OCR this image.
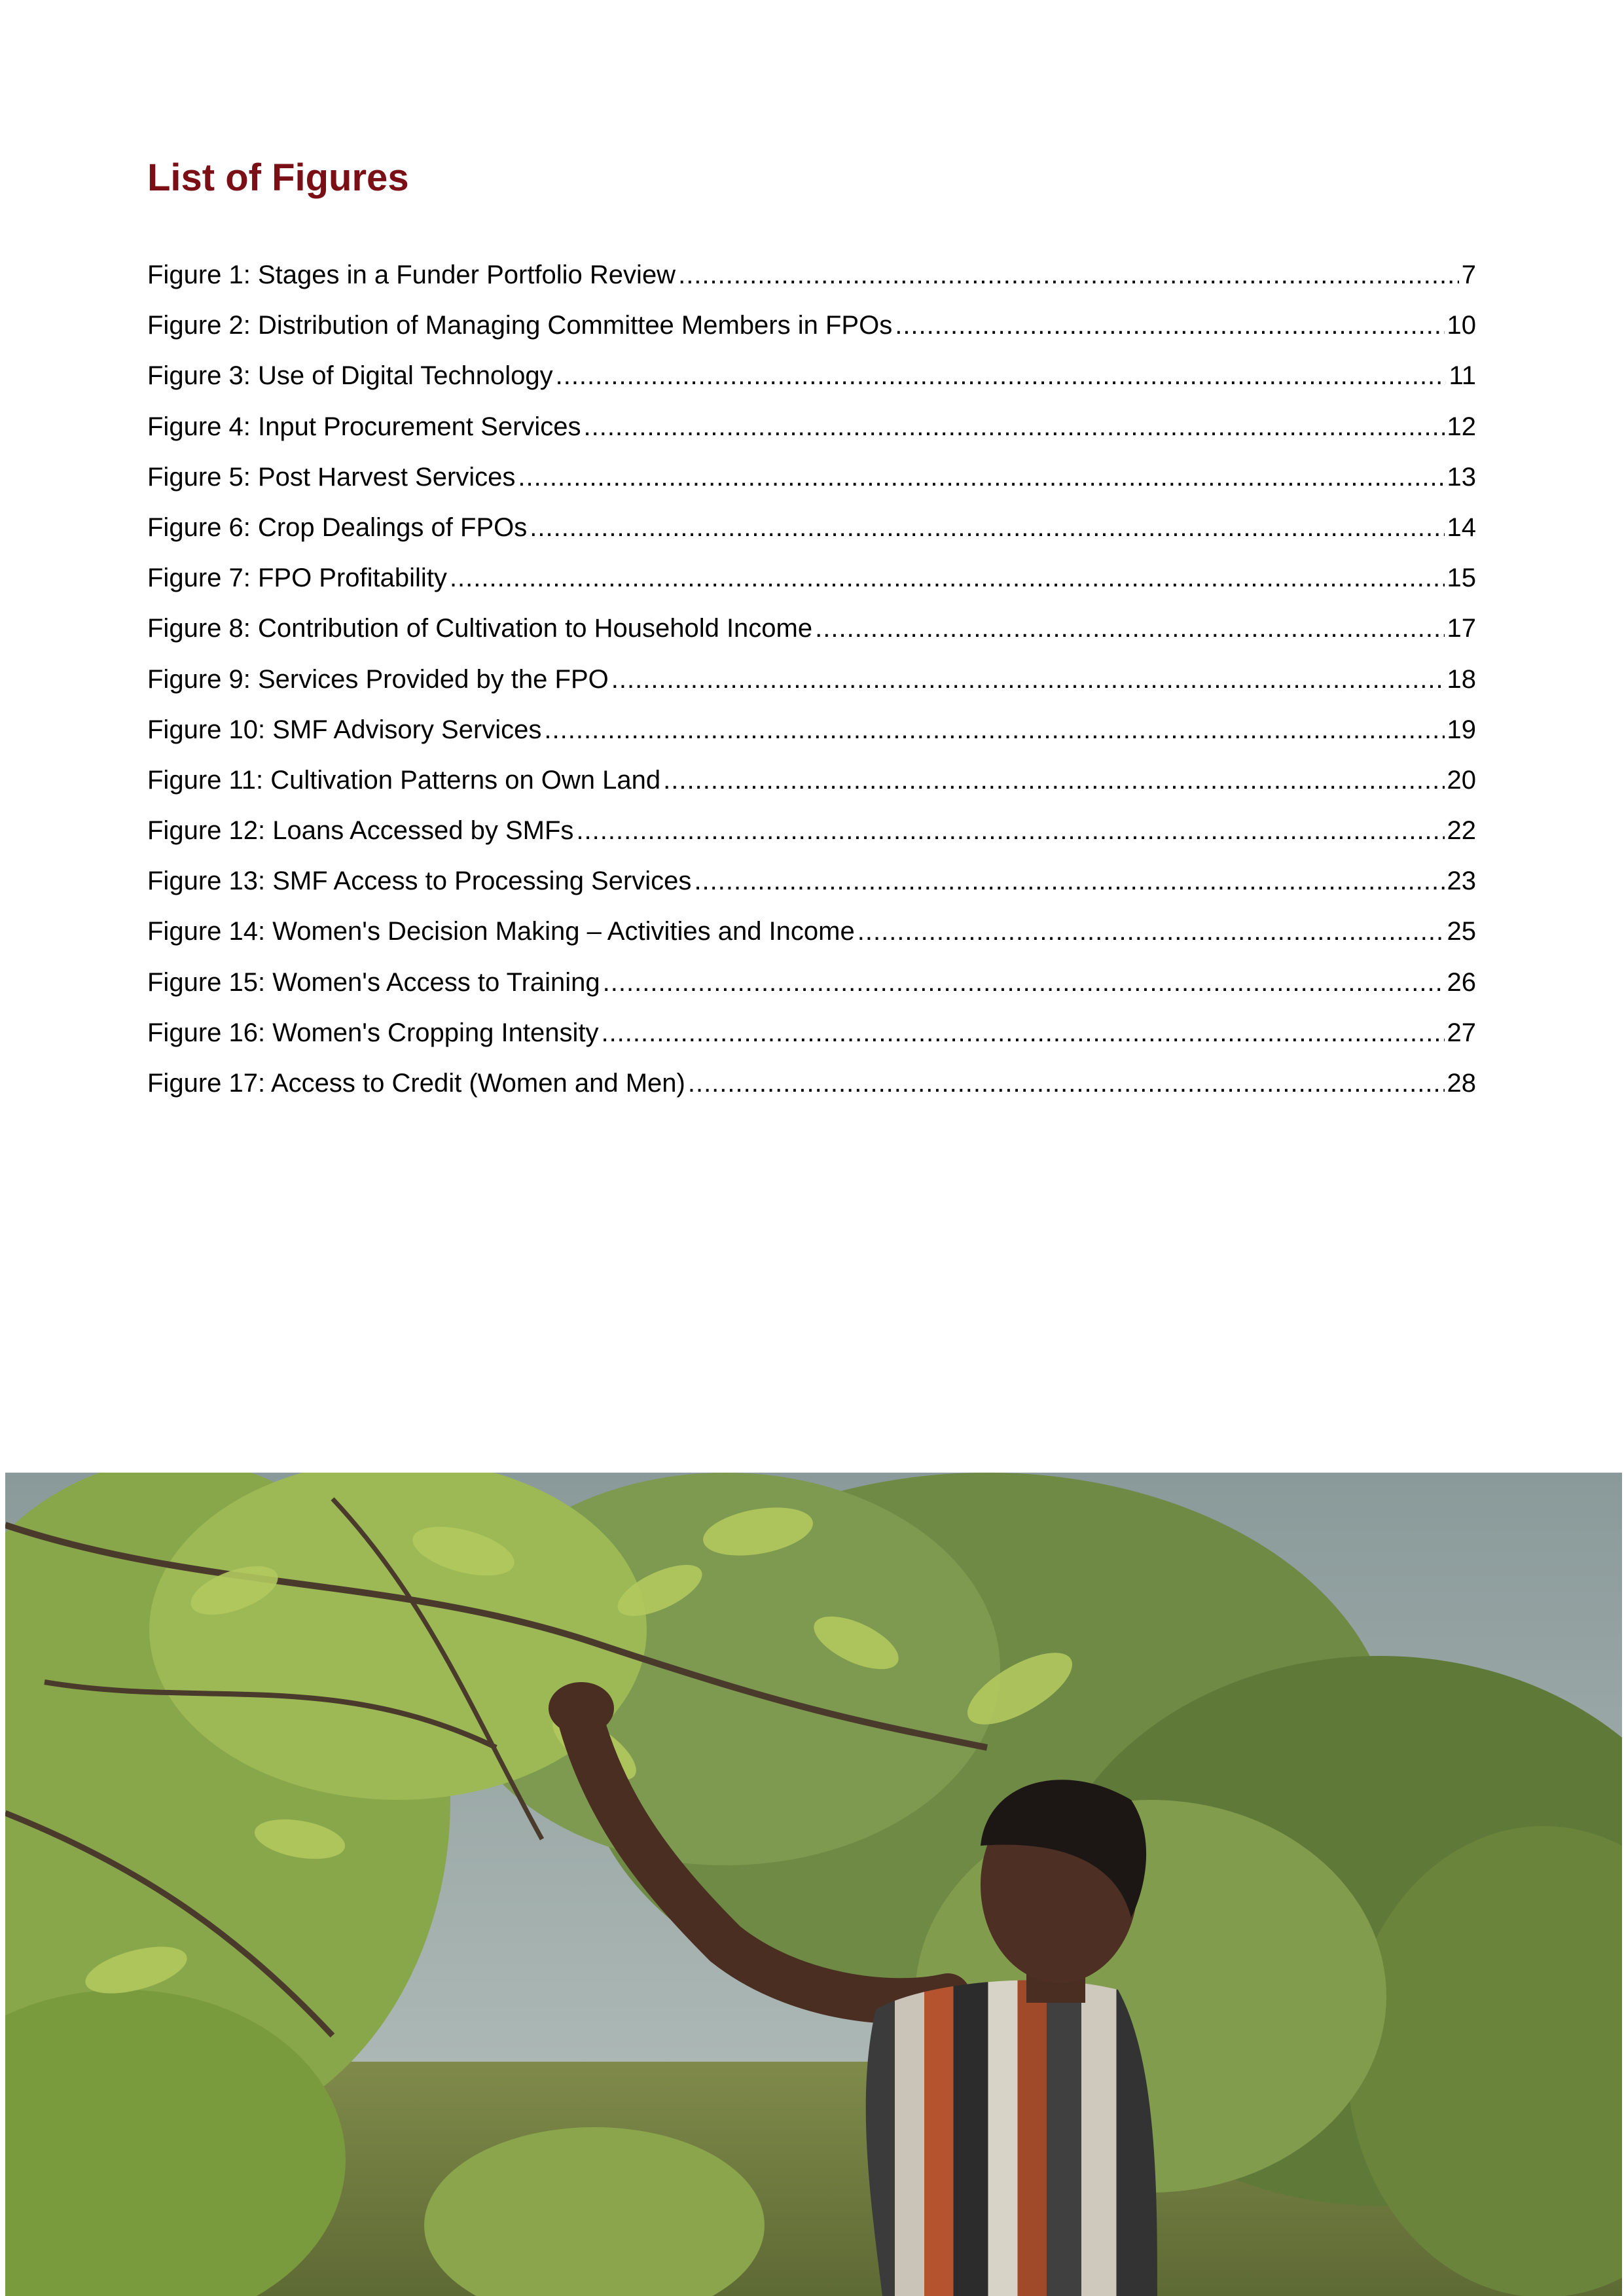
List of Figures
Figure 1: Stages in a Funder Portfolio Review .....	7
Figure 2: Distribution of Managing Committee Members in FPOs .....	10
Figure 3: Use of Digital Technology .....	11
Figure 4: Input Procurement Services .....	12
Figure 5: Post Harvest Services .....	13
Figure 6: Crop Dealings of FPOs .....	14
Figure 7: FPO Profitability .....	15
Figure 8: Contribution of Cultivation to Household Income .....	17
Figure 9: Services Provided by the FPO .....	18
Figure 10: SMF Advisory Services .....	19
Figure 11: Cultivation Patterns on Own Land .....	20
Figure 12: Loans Accessed by SMFs .....	22
Figure 13: SMF Access to Processing Services .....	23
Figure 14: Women's Decision Making – Activities and Income .....	25
Figure 15: Women's Access to Training .....	26
Figure 16: Women's Cropping Intensity .....	27
Figure 17: Access to Credit (Women and Men) .....	28
